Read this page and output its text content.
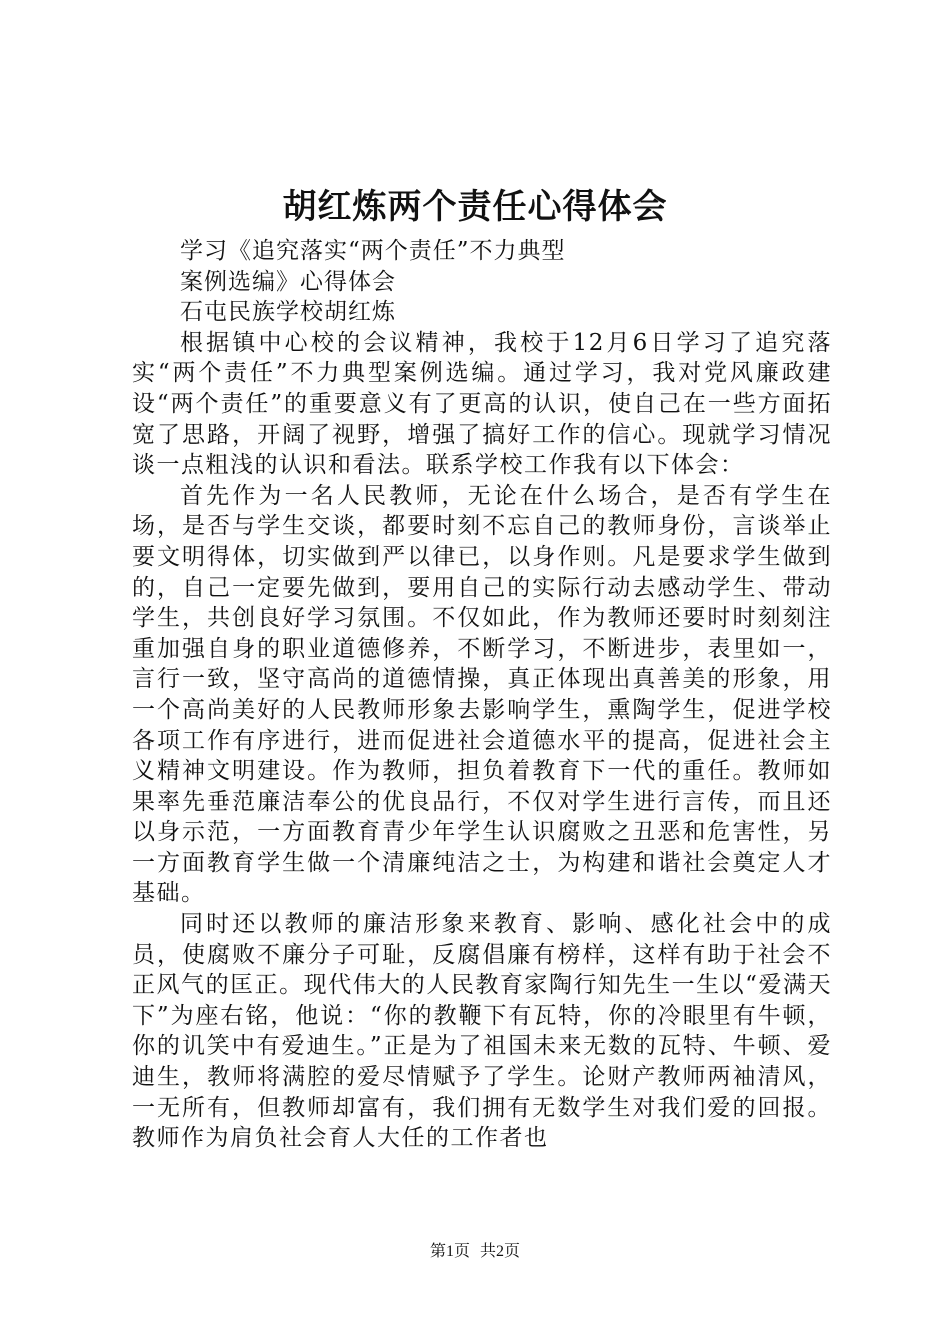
胡红炼两个责任心得体会

学习《追究落实“两个责任”不力典型

案例选编》心得体会

石屯民族学校胡红炼

根据镇中心校的会议精神，我校于12月6日学习了追究落实“两个责任”不力典型案例选编。通过学习，我对党风廉政建设“两个责任”的重要意义有了更高的认识，使自己在一些方面拓宽了思路，开阔了视野，增强了搞好工作的信心。现就学习情况谈一点粗浅的认识和看法。联系学校工作我有以下体会：

首先作为一名人民教师，无论在什么场合，是否有学生在场，是否与学生交谈，都要时刻不忘自己的教师身份，言谈举止要文明得体，切实做到严以律已，以身作则。凡是要求学生做到的，自己一定要先做到，要用自己的实际行动去感动学生、带动学生，共创良好学习氛围。不仅如此，作为教师还要时时刻刻注重加强自身的职业道德修养，不断学习，不断进步，表里如一，言行一致，坚守高尚的道德情操，真正体现出真善美的形象，用一个高尚美好的人民教师形象去影响学生，熏陶学生，促进学校各项工作有序进行，进而促进社会道德水平的提高，促进社会主义精神文明建设。作为教师，担负着教育下一代的重任。教师如果率先垂范廉洁奉公的优良品行，不仅对学生进行言传，而且还以身示范，一方面教育青少年学生认识腐败之丑恶和危害性，另一方面教育学生做一个清廉纯洁之士，为构建和谐社会奠定人才基础。

同时还以教师的廉洁形象来教育、影响、感化社会中的成员，使腐败不廉分子可耻，反腐倡廉有榜样，这样有助于社会不正风气的匡正。现代伟大的人民教育家陶行知先生一生以“爱满天下”为座右铭，他说：“你的教鞭下有瓦特，你的冷眼里有牛顿，你的讥笑中有爱迪生。”正是为了祖国未来无数的瓦特、牛顿、爱迪生，教师将满腔的爱尽情赋予了学生。论财产教师两袖清风，一无所有，但教师却富有，我们拥有无数学生对我们爱的回报。教师作为肩负社会育人大任的工作者也

第1页 共2页
